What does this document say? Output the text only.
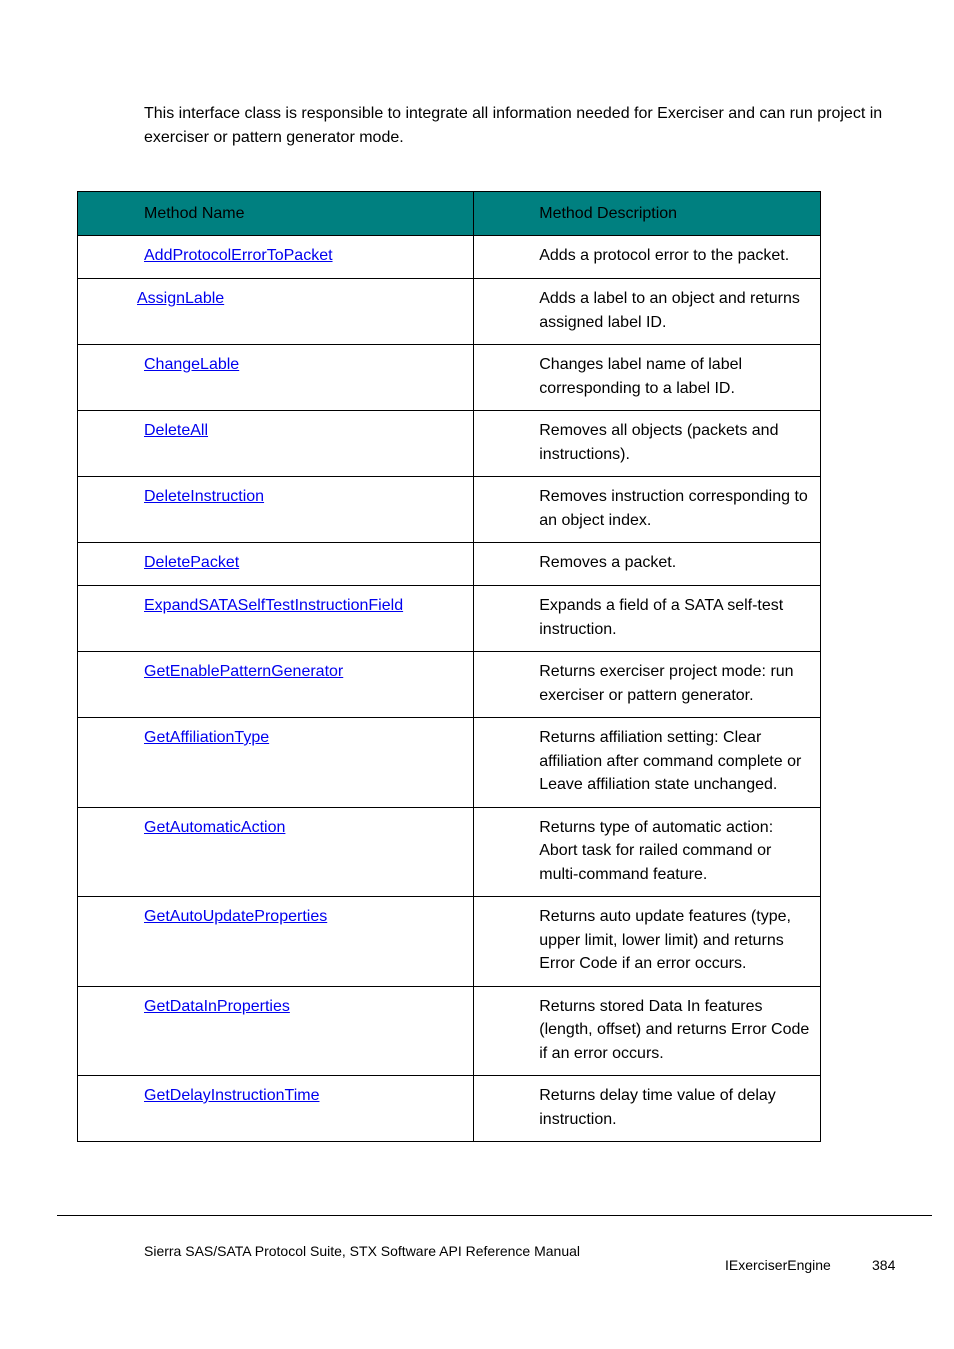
This interface class is responsible to integrate all information needed for Exerciser and can run project in exerciser or pattern generator mode.

Method Name	Method Description
AddProtocolErrorToPacket	Adds a protocol error to the packet.
AssignLable	Adds a label to an object and returns assigned label ID.
ChangeLable	Changes label name of label corresponding to a label ID.
DeleteAll	Removes all objects (packets and instructions).
DeleteInstruction	Removes instruction corresponding to an object index.
DeletePacket	Removes a packet.
ExpandSATASelfTestInstructionField	Expands a field of a SATA self-test instruction.
GetEnablePatternGenerator	Returns exerciser project mode: run exerciser or pattern generator.
GetAffiliationType	Returns affiliation setting: Clear affiliation after command complete or Leave affiliation state unchanged.
GetAutomaticAction	Returns type of automatic action: Abort task for railed command or multi-command feature.
GetAutoUpdateProperties	Returns auto update features (type, upper limit, lower limit) and returns Error Code if an error occurs.
GetDataInProperties	Returns stored Data In features (length, offset) and returns Error Code if an error occurs.
GetDelayInstructionTime	Returns delay time value of delay instruction.
Sierra SAS/SATA Protocol Suite, STX Software API Reference Manual
IExerciserEngine	384
